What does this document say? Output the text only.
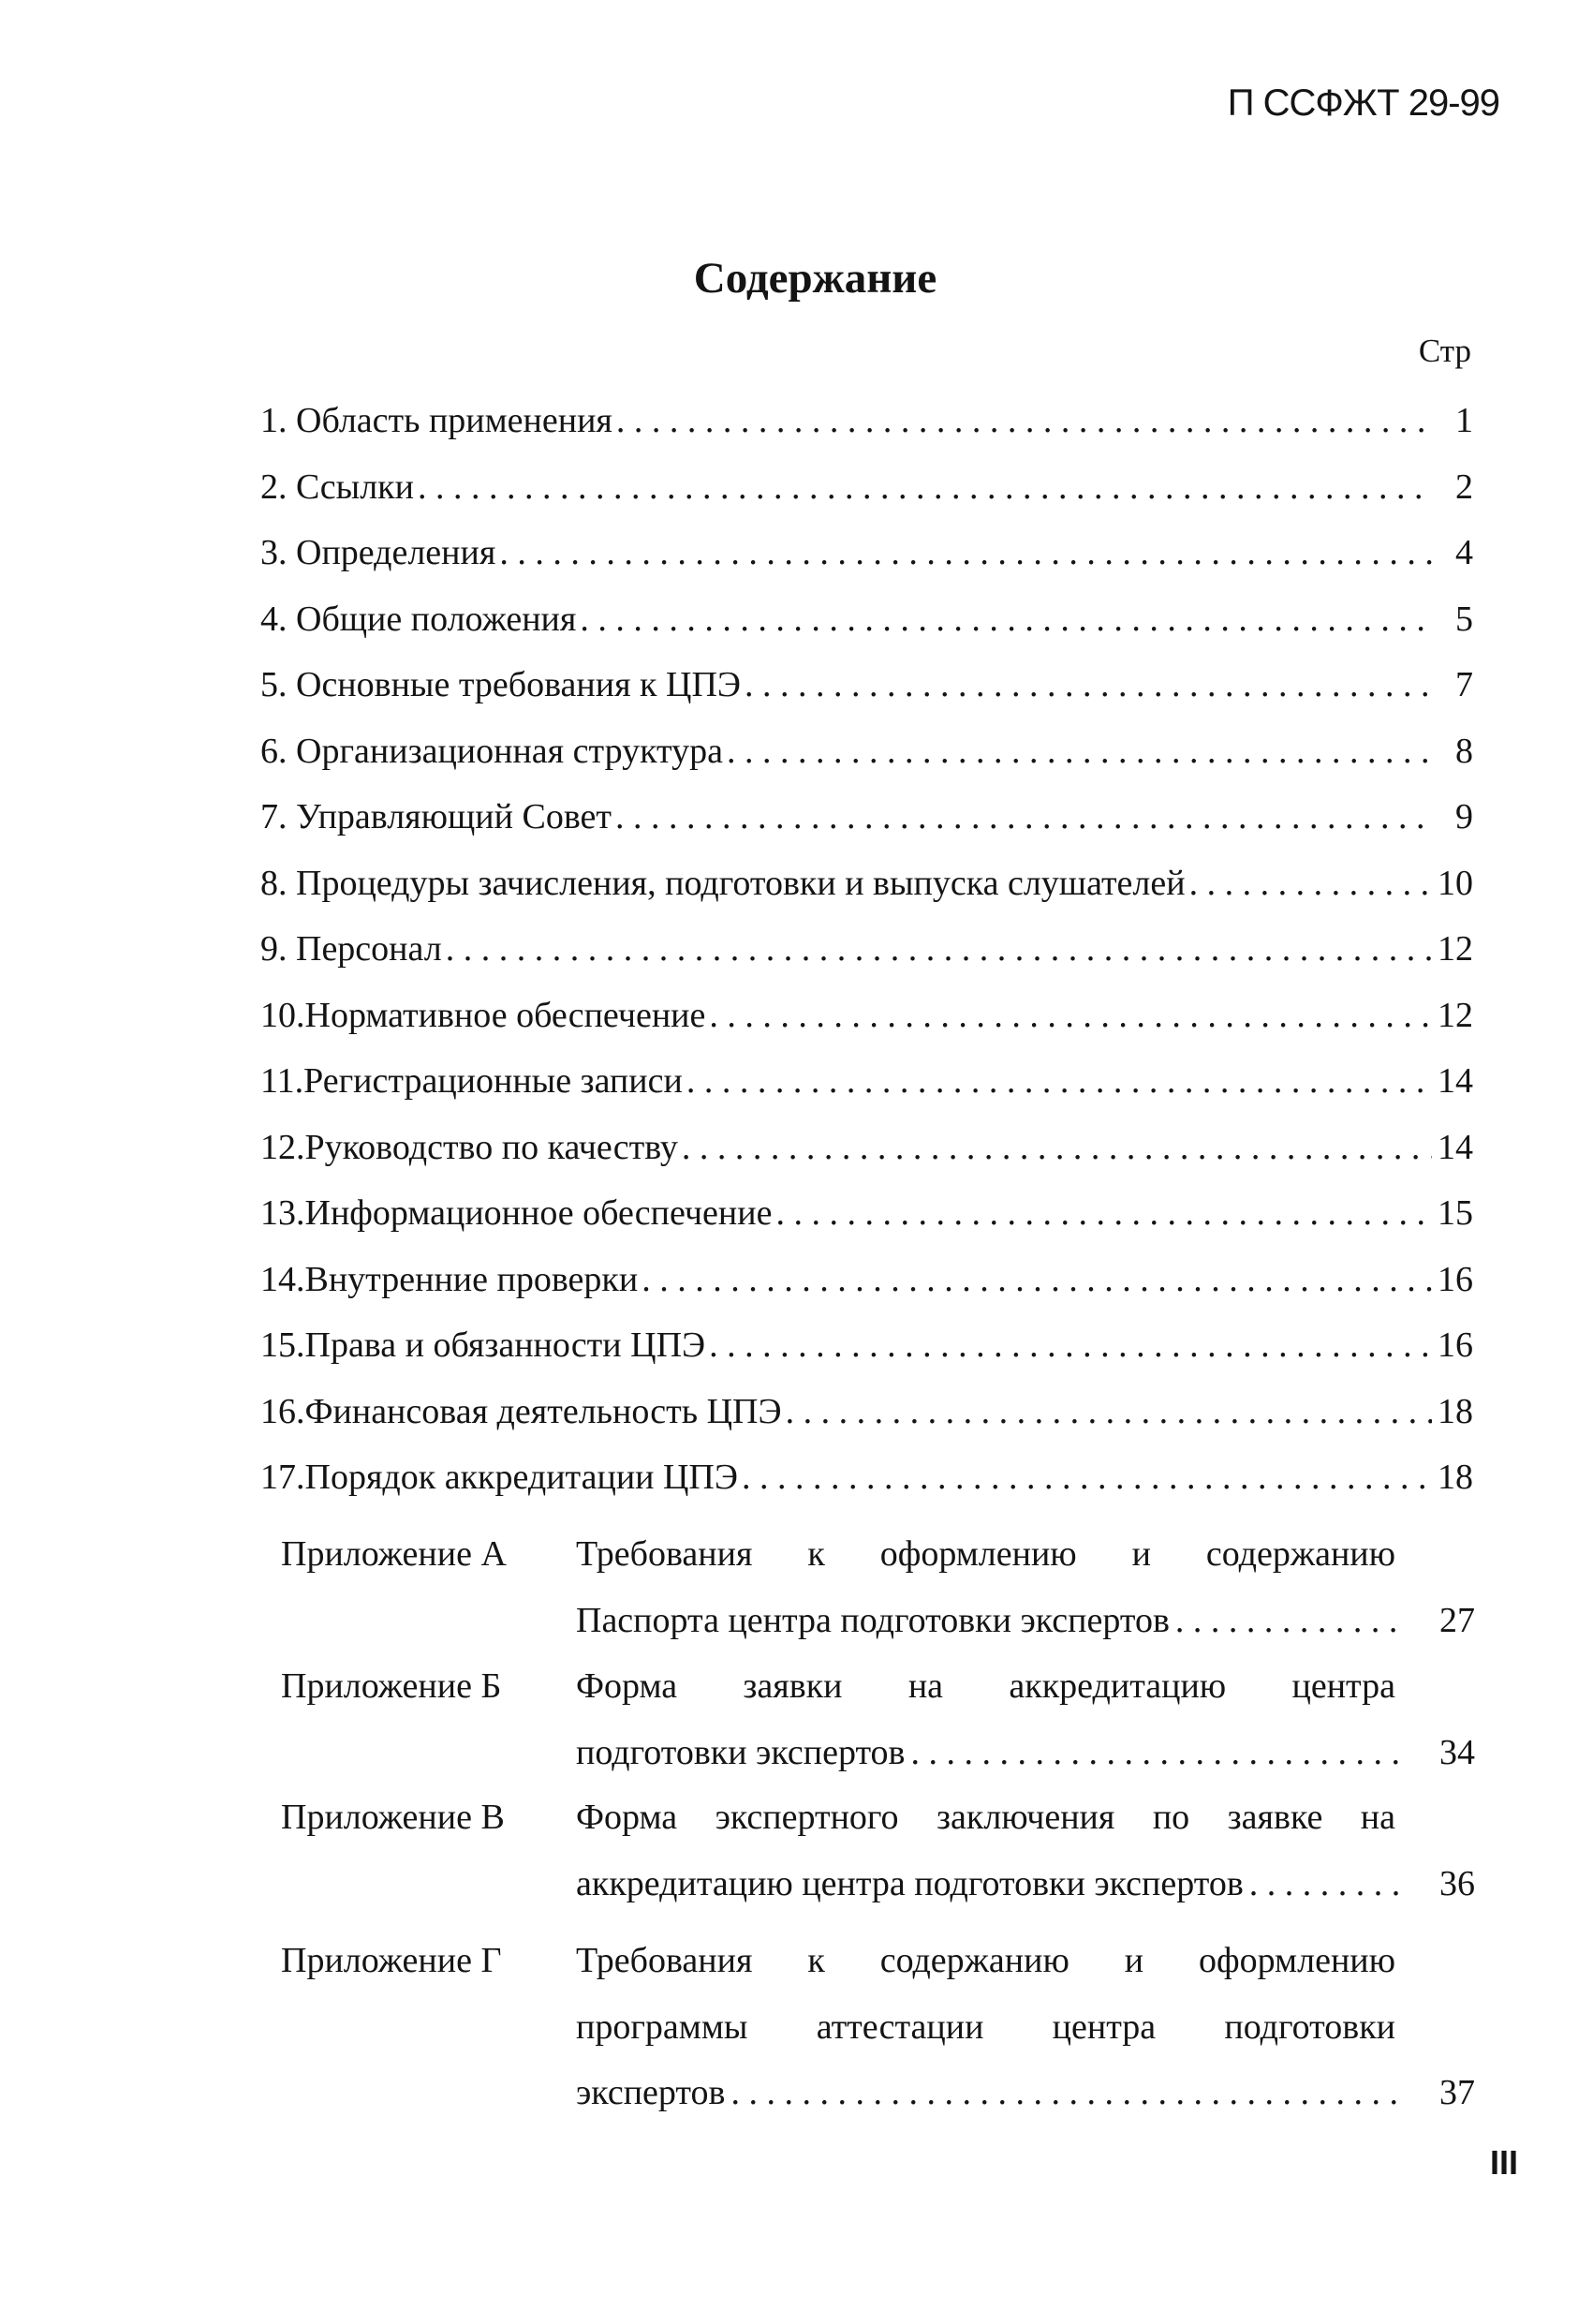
П ССФЖТ 29-99
Содержание
Стр
1. Область применения . . .	1
2. Ссылки . . .	2
3. Определения . . .	4
4. Общие положения . . .	5
5. Основные требования к ЦПЭ . . .	7
6. Организационная структура . . .	8
7. Управляющий Совет . . .	9
8. Процедуры зачисления, подготовки и выпуска слушателей . . .	10
9. Персонал . . .	12
10.Нормативное обеспечение . . .	12
11.Регистрационные записи . . .	14
12.Руководство по качеству . . .	14
13.Информационное обеспечение . . .	15
14.Внутренние проверки . . .	16
15.Права и обязанности ЦПЭ . . .	16
16.Финансовая деятельность ЦПЭ . . .	18
17.Порядок аккредитации ЦПЭ . . .	18
Приложение А	Требования к оформлению и содержанию
Паспорта центра подготовки экспертов . . .	27
Приложение Б	Форма заявки на аккредитацию центра
подготовки экспертов . . .	34
Приложение В	Форма экспертного заключения по заявке на
аккредитацию центра подготовки экспертов . . .	36
Приложение Г	Требования к содержанию и оформлению
программы аттестации центра подготовки
экспертов . . .	37
III
